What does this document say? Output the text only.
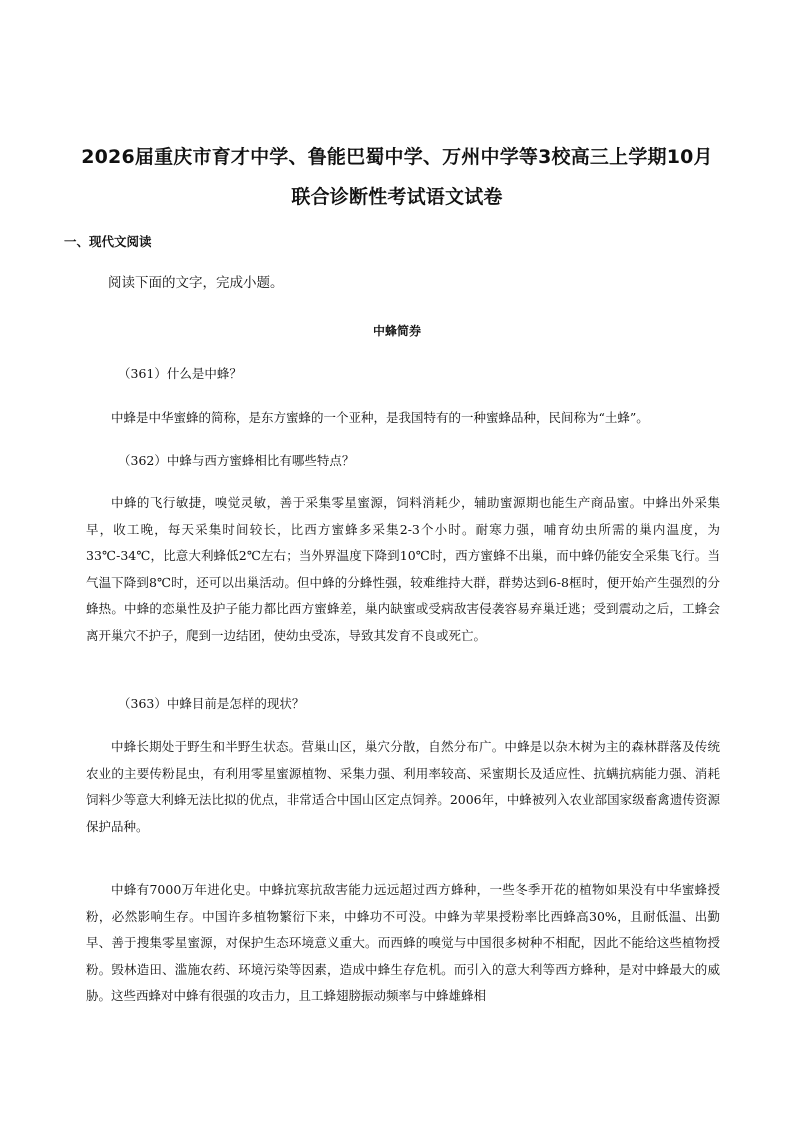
2026届重庆市育才中学、鲁能巴蜀中学、万州中学等3校高三上学期10月
联合诊断性考试语文试卷
一、现代文阅读

阅读下面的文字，完成小题。

中蜂简券

（361）什么是中蜂？

中蜂是中华蜜蜂的简称，是东方蜜蜂的一个亚种，是我国特有的一种蜜蜂品种，民间称为“土蜂”。

（362）中蜂与西方蜜蜂相比有哪些特点？

中蜂的飞行敏捷，嗅觉灵敏，善于采集零星蜜源，饲料消耗少，辅助蜜源期也能生产商品蜜。中蜂出外采集早，收工晚，每天采集时间较长，比西方蜜蜂多采集2-3个小时。耐寒力强，哺育幼虫所需的巢内温度，为33℃-34℃，比意大利蜂低2℃左右；当外界温度下降到10℃时，西方蜜蜂不出巢，而中蜂仍能安全采集飞行。当气温下降到8℃时，还可以出巢活动。但中蜂的分蜂性强，较难维持大群，群势达到6-8框时，便开始产生强烈的分蜂热。中蜂的恋巢性及护子能力都比西方蜜蜂差，巢内缺蜜或受病敌害侵袭容易弃巢迁逃；受到震动之后，工蜂会离开巢穴不护子，爬到一边结团，使幼虫受冻，导致其发育不良或死亡。

（363）中蜂目前是怎样的现状？

中蜂长期处于野生和半野生状态。营巢山区，巢穴分散，自然分布广。中蜂是以杂木树为主的森林群落及传统农业的主要传粉昆虫，有利用零星蜜源植物、采集力强、利用率较高、采蜜期长及适应性、抗螨抗病能力强、消耗饲料少等意大利蜂无法比拟的优点，非常适合中国山区定点饲养。2006年，中蜂被列入农业部国家级畜禽遗传资源保护品种。

中蜂有7000万年进化史。中蜂抗寒抗敌害能力远远超过西方蜂种，一些冬季开花的植物如果没有中华蜜蜂授粉，必然影响生存。中国许多植物繁衍下来，中蜂功不可没。中蜂为苹果授粉率比西蜂高30%，且耐低温、出勤早、善于搜集零星蜜源，对保护生态环境意义重大。而西蜂的嗅觉与中国很多树种不相配，因此不能给这些植物授粉。毁林造田、滥施农药、环境污染等因素，造成中蜂生存危机。而引入的意大利等西方蜂种，是对中蜂最大的威胁。这些西蜂对中蜂有很强的攻击力，且工蜂翅膀振动频率与中蜂雄蜂相
